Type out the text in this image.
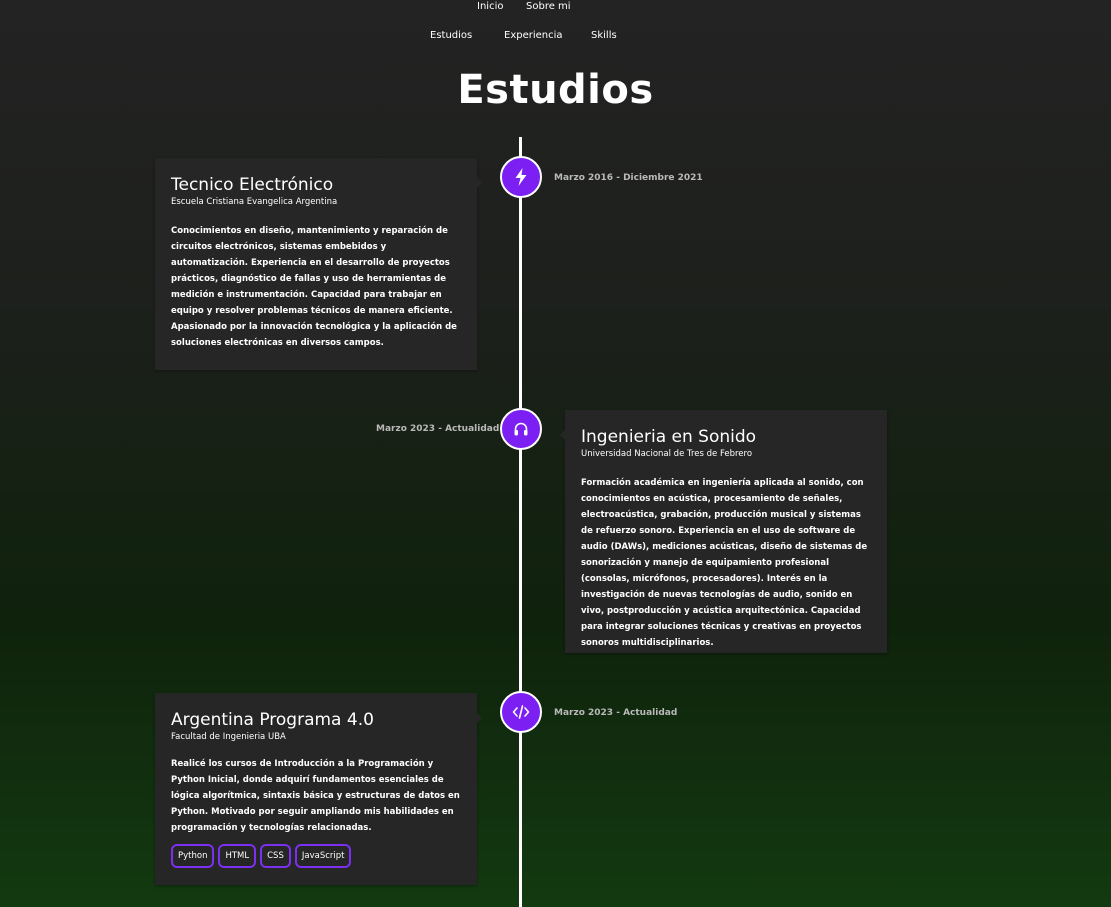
Inicio Sobre mi
Estudios	Experiencia	Skills
Estudios
Marzo 2016 - Diciembre 2021
Tecnico Electrónico

Escuela Cristiana Evangelica Argentina

Conocimientos en diseño, mantenimiento y reparación de circuitos electrónicos, sistemas embebidos y automatización. Experiencia en el desarrollo de proyectos prácticos, diagnóstico de fallas y uso de herramientas de medición e instrumentación. Capacidad para trabajar en equipo y resolver problemas técnicos de manera eficiente. Apasionado por la innovación tecnológica y la aplicación de soluciones electrónicas en diversos campos.

Marzo 2023 - Actualidad	Ingenieria en Sonido

Universidad Nacional de Tres de Febrero

Formación académica en ingeniería aplicada al sonido, con conocimientos en acústica, procesamiento de señales, electroacústica, grabación, producción musical y sistemas de refuerzo sonoro. Experiencia en el uso de software de audio (DAWs), mediciones acústicas, diseño de sistemas de sonorización y manejo de equipamiento profesional (consolas, micrófonos, procesadores). Interés en la investigación de nuevas tecnologías de audio, sonido en vivo, postproducción y acústica arquitectónica. Capacidad para integrar soluciones técnicas y creativas en proyectos sonoros multidisciplinarios.

Marzo 2023 - Actualidad
Argentina Programa 4.0

Facultad de Ingenieria UBA

Realicé los cursos de Introducción a la Programación y Python Inicial, donde adquirí fundamentos esenciales de lógica algorítmica, sintaxis básica y estructuras de datos en Python. Motivado por seguir ampliando mis habilidades en programación y tecnologías relacionadas.

Python	HTML	CSS	JavaScript
